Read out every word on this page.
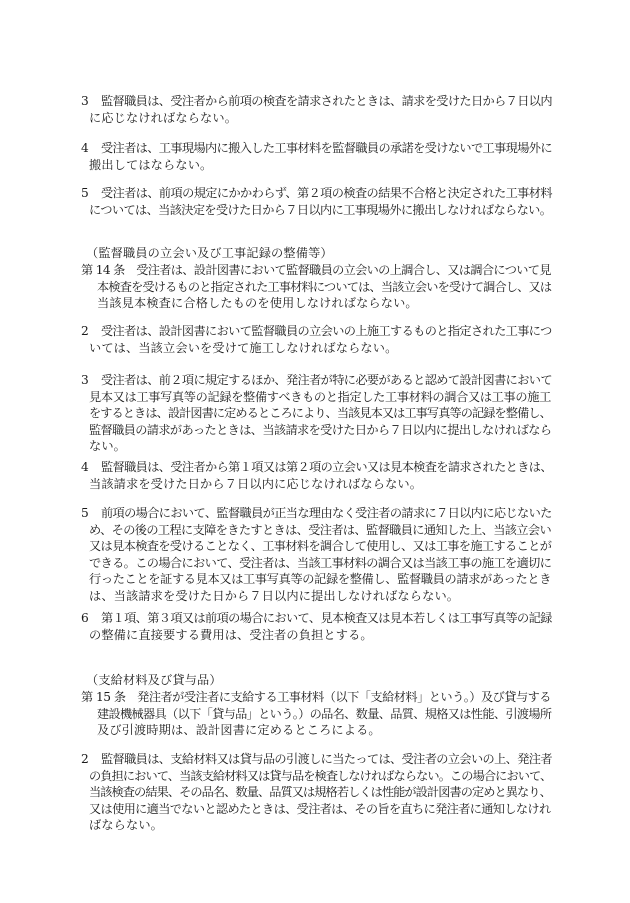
3 監督職員は、受注者から前項の検査を請求されたときは、請求を受けた日から７日以内
に応じなければならない。
4 受注者は、工事現場内に搬入した工事材料を監督職員の承諾を受けないで工事現場外に
搬出してはならない。
5 受注者は、前項の規定にかかわらず、第２項の検査の結果不合格と決定された工事材料
については、当該決定を受けた日から７日以内に工事現場外に搬出しなければならない。
（監督職員の立会い及び工事記録の整備等）
第 14 条　 受注者は、設計図書において監督職員の立会いの上調合し、又は調合について見
本検査を受けるものと指定された工事材料については、当該立会いを受けて調合し、又は
当該見本検査に合格したものを使用しなければならない。
2 受注者は、設計図書において監督職員の立会いの上施工するものと指定された工事につ
いては、当該立会いを受けて施工しなければならない。
3 受注者は、前２項に規定するほか、発注者が特に必要があると認めて設計図書において
見本又は工事写真等の記録を整備すべきものと指定した工事材料の調合又は工事の施工
をするときは、設計図書に定めるところにより、当該見本又は工事写真等の記録を整備し、
監督職員の請求があったときは、当該請求を受けた日から７日以内に提出しなければなら
ない。
4 監督職員は、受注者から第１項又は第２項の立会い又は見本検査を請求されたときは、
当該請求を受けた日から７日以内に応じなければならない。
5 前項の場合において、監督職員が正当な理由なく受注者の請求に７日以内に応じないた
め、その後の工程に支障をきたすときは、受注者は、監督職員に通知した上、当該立会い
又は見本検査を受けることなく、工事材料を調合して使用し、又は工事を施工することが
できる。この場合において、受注者は、当該工事材料の調合又は当該工事の施工を適切に
行ったことを証する見本又は工事写真等の記録を整備し、監督職員の請求があったとき
は、当該請求を受けた日から７日以内に提出しなければならない。
6 第１項、第３項又は前項の場合において、見本検査又は見本若しくは工事写真等の記録
の整備に直接要する費用は、受注者の負担とする。
（支給材料及び貸与品）
第 15 条　 発注者が受注者に支給する工事材料（以下「支給材料」という。）及び貸与する
建設機械器具（以下「貸与品」という。）の品名、数量、品質、規格又は性能、引渡場所
及び引渡時期は、設計図書に定めるところによる。
2 監督職員は、支給材料又は貸与品の引渡しに当たっては、受注者の立会いの上、発注者
の負担において、当該支給材料又は貸与品を検査しなければならない。この場合において、
当該検査の結果、その品名、数量、品質又は規格若しくは性能が設計図書の定めと異なり、
又は使用に適当でないと認めたときは、受注者は、その旨を直ちに発注者に通知しなけれ
ばならない。
